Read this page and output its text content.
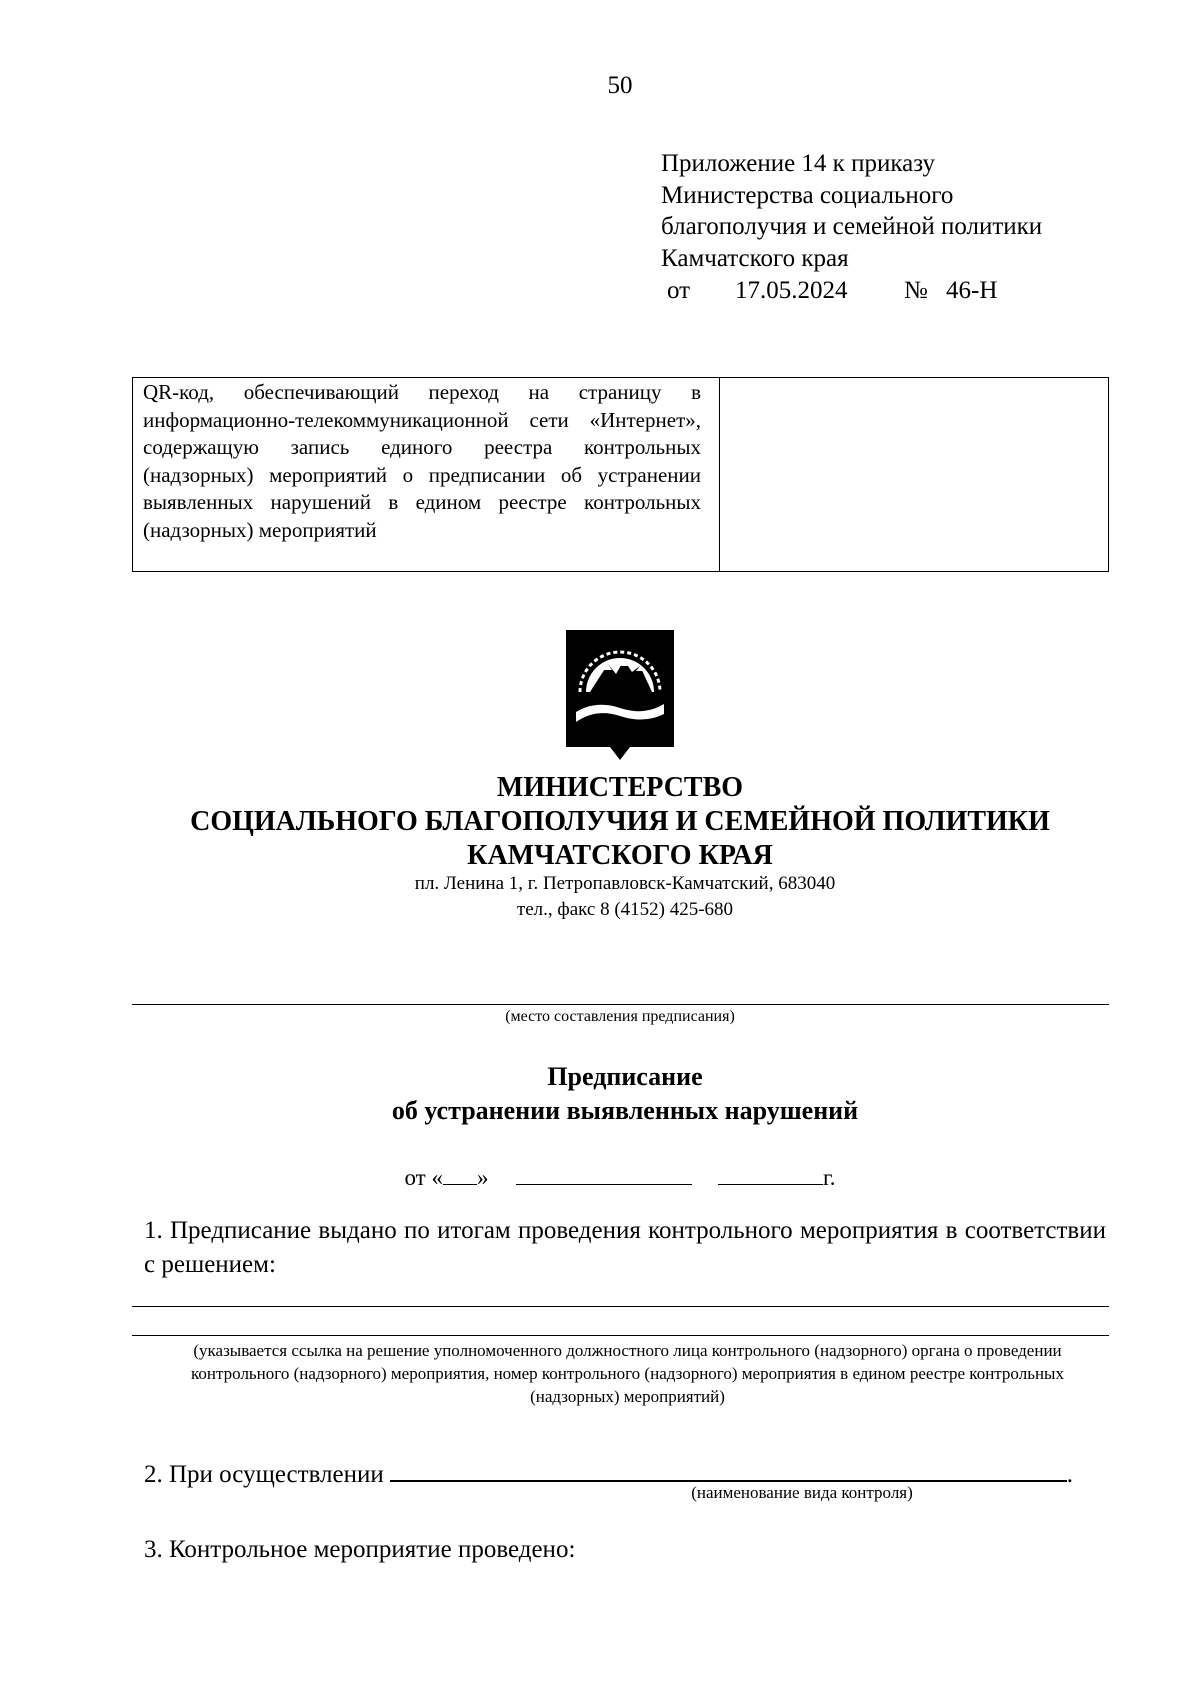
50
Приложение 14 к приказу
Министерства социального
благополучия и семейной политики
Камчатского края
от	17.05.2024	№ 46-Н
QR-код, обеспечивающий переход на страницу в информационно-телекоммуникационной сети «Интернет», содержащую запись единого реестра контрольных (надзорных) мероприятий о предписании об устранении выявленных нарушений в едином реестре контрольных (надзорных) мероприятий
МИНИСТЕРСТВО
СОЦИАЛЬНОГО БЛАГОПОЛУЧИЯ И СЕМЕЙНОЙ ПОЛИТИКИ
КАМЧАТСКОГО КРАЯ
пл. Ленина 1, г. Петропавловск-Камчатский, 683040
тел., факс 8 (4152) 425-680
(место составления предписания)
Предписание
об устранении выявленных нарушений
от « »	г.
1. Предписание выдано по итогам проведения контрольного мероприятия в соответствии с решением:
(указывается ссылка на решение уполномоченного должностного лица контрольного (надзорного) органа о проведении контрольного (надзорного) мероприятия, номер контрольного (надзорного) мероприятия в едином реестре контрольных (надзорных) мероприятий)
2. При осуществлении	.
(наименование вида контроля)
3. Контрольное мероприятие проведено:
